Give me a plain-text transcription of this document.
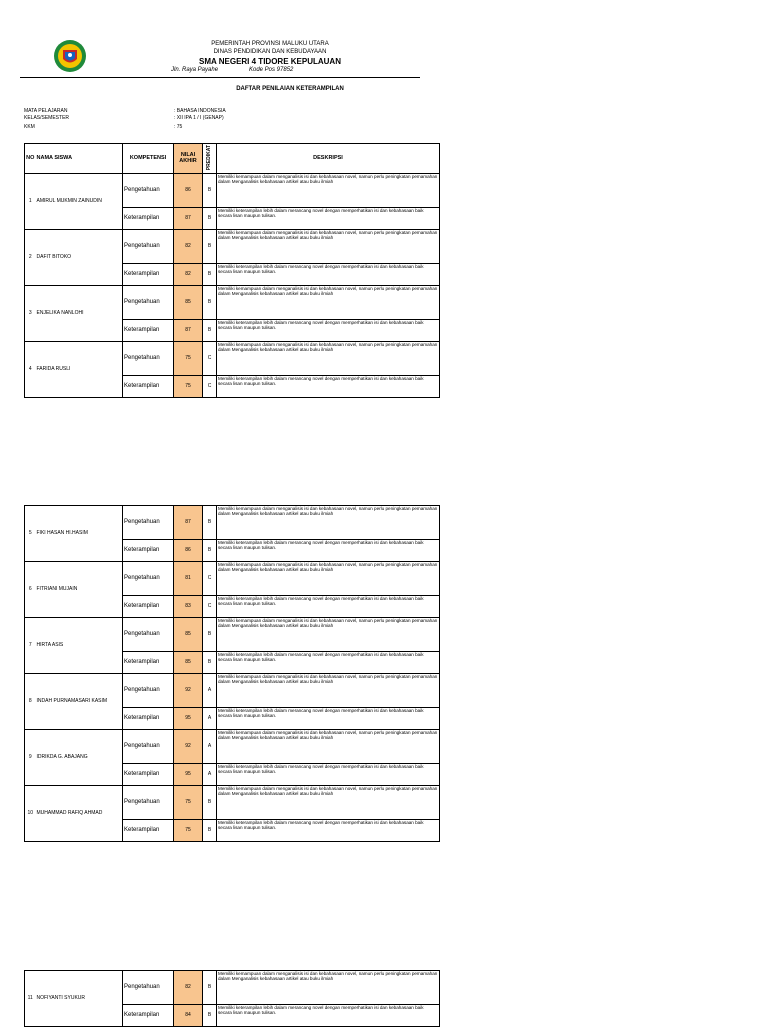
PEMERINTAH PROVINSI MALUKU UTARA
DINAS PENDIDIKAN DAN KEBUDAYAAN
SMA NEGERI 4 TIDORE KEPULAUAN
Jln. Raya Payahe	Kode Pos 97852
DAFTAR PENILAIAN KETERAMPILAN
MATA PELAJARAN	: BAHASA INDONESIA
KELAS/SEMESTER	: XII IPA 1 / I (GENAP)
KKM	: 75
NO	NAMA SISWA	KOMPETENSI	NILAI AKHIR	PREDIKAT	DESKRIPSI
1	AMIRUL MUKMIN ZAINUDIN	Pengetahuan	86	B	Memiliki kemampuan dalam menganalisis isi dan kebahasaan novel, namun perlu peningkatan pemamahan dalam Menganalisis kebahasaan artikel atau buku ilmiah
		Keterampilan	87	B	Memiliki keterampilan lebih dalam merancang novel dengan memperhatikan isi dan kebahasaan baik secara lisan maupun tulisan.
2	DAFIT BITOKO	Pengetahuan	82	B	Memiliki kemampuan dalam menganalisis isi dan kebahasaan novel, namun perlu peningkatan pemamahan dalam Menganalisis kebahasaan artikel atau buku ilmiah
		Keterampilan	82	B	Memiliki keterampilan lebih dalam merancang novel dengan memperhatikan isi dan kebahasaan baik secara lisan maupun tulisan.
3	ENJELIKA NANLOHI	Pengetahuan	85	B	Memiliki kemampuan dalam menganalisis isi dan kebahasaan novel, namun perlu peningkatan pemamahan dalam Menganalisis kebahasaan artikel atau buku ilmiah
		Keterampilan	87	B	Memiliki keterampilan lebih dalam merancang novel dengan memperhatikan isi dan kebahasaan baik secara lisan maupun tulisan.
4	FARIDA RUSLI	Pengetahuan	75	C	Memiliki kemampuan dalam menganalisis isi dan kebahasaan novel, namun perlu peningkatan pemamahan dalam Menganalisis kebahasaan artikel atau buku ilmiah
		Keterampilan	75	C	Memiliki keterampilan lebih dalam merancang novel dengan memperhatikan isi dan kebahasaan baik secara lisan maupun tulisan.
5	FIKI HASAN HI.HASIM	Pengetahuan	87	B	Memiliki kemampuan dalam menganalisis isi dan kebahasaan novel, namun perlu peningkatan pemamahan dalam Menganalisis kebahasaan artikel atau buku ilmiah
		Keterampilan	86	B	Memiliki keterampilan lebih dalam merancang novel dengan memperhatikan isi dan kebahasaan baik secara lisan maupun tulisan.
6	FITRIANI MUJAIN	Pengetahuan	81	C	Memiliki kemampuan dalam menganalisis isi dan kebahasaan novel, namun perlu peningkatan pemamahan dalam Menganalisis kebahasaan artikel atau buku ilmiah
		Keterampilan	83	C	Memiliki keterampilan lebih dalam merancang novel dengan memperhatikan isi dan kebahasaan baik secara lisan maupun tulisan.
7	HIRTA ASIS	Pengetahuan	85	B	Memiliki kemampuan dalam menganalisis isi dan kebahasaan novel, namun perlu peningkatan pemamahan dalam Menganalisis kebahasaan artikel atau buku ilmiah
		Keterampilan	85	B	Memiliki keterampilan lebih dalam merancang novel dengan memperhatikan isi dan kebahasaan baik secara lisan maupun tulisan.
8	INDAH PURNAMASARI KASIM	Pengetahuan	92	A	Memiliki kemampuan dalam menganalisis isi dan kebahasaan novel, namun perlu peningkatan pemamahan dalam Menganalisis kebahasaan artikel atau buku ilmiah
		Keterampilan	95	A	Memiliki keterampilan lebih dalam merancang novel dengan memperhatikan isi dan kebahasaan baik secara lisan maupun tulisan.
9	IDRIKDA G. ABAJANG	Pengetahuan	92	A	Memiliki kemampuan dalam menganalisis isi dan kebahasaan novel, namun perlu peningkatan pemamahan dalam Menganalisis kebahasaan artikel atau buku ilmiah
		Keterampilan	95	A	Memiliki keterampilan lebih dalam merancang novel dengan memperhatikan isi dan kebahasaan baik secara lisan maupun tulisan.
10	MUHAMMAD RAFIQ AHMAD	Pengetahuan	75	B	Memiliki kemampuan dalam menganalisis isi dan kebahasaan novel, namun perlu peningkatan pemamahan dalam Menganalisis kebahasaan artikel atau buku ilmiah
		Keterampilan	75	B	Memiliki keterampilan lebih dalam merancang novel dengan memperhatikan isi dan kebahasaan baik secara lisan maupun tulisan.
11	NOFIYANTI SYUKUR	Pengetahuan	82	B	Memiliki kemampuan dalam menganalisis isi dan kebahasaan novel, namun perlu peningkatan pemamahan dalam Menganalisis kebahasaan artikel atau buku ilmiah
		Keterampilan	84	B	Memiliki keterampilan lebih dalam merancang novel dengan memperhatikan isi dan kebahasaan baik secara lisan maupun tulisan.
